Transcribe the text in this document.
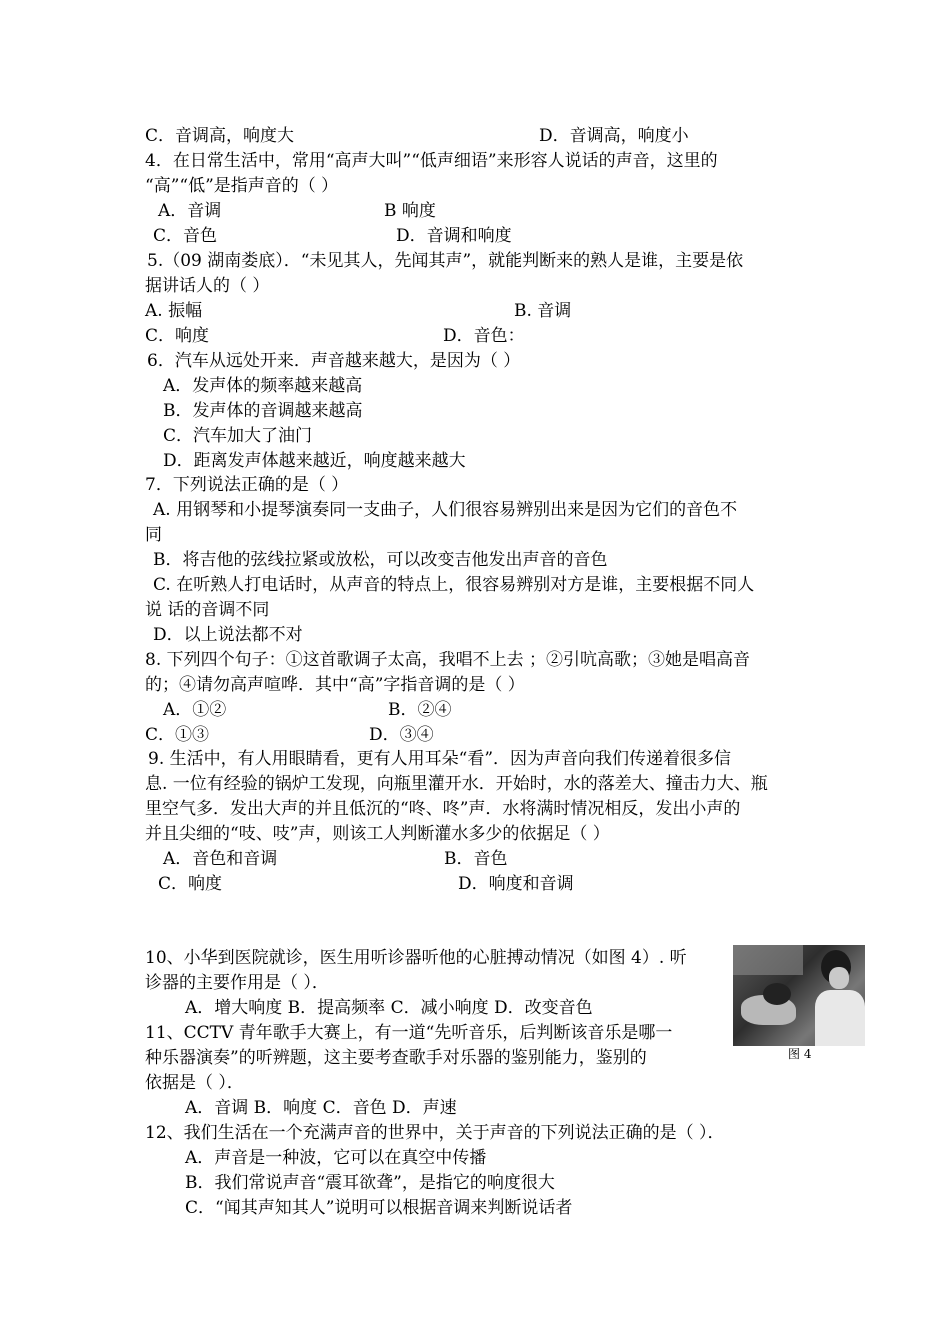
C．音调高，响度大	D．音调高，响度小
4．在日常生活中，常用“高声大叫”“低声细语”来形容人说话的声音，这里的
“高”“低”是指声音的（ ）
A．音调	B 响度
C．音色	D．音调和响度
5.（09 湖南娄底）．“未见其人，先闻其声”，就能判断来的熟人是谁，主要是依
据讲话人的（ ）
A. 振幅	B. 音调
C．响度	D．音色：
6．汽车从远处开来．声音越来越大，是因为（ ）
A．发声体的频率越来越高
B．发声体的音调越来越高
C．汽车加大了油门
D．距离发声体越来越近，响度越来越大
7．下列说法正确的是（ ）
A. 用钢琴和小提琴演奏同一支曲子，人们很容易辨别出来是因为它们的音色不
同
B．将吉他的弦线拉紧或放松，可以改变吉他发出声音的音色
C. 在听熟人打电话时，从声音的特点上，很容易辨别对方是谁，主要根据不同人
说 话的音调不同
D．以上说法都不对
8. 下列四个句子：①这首歌调子太高，我唱不上去 ；②引吭高歌；③她是唱高音
的；④请勿高声喧哗．其中“高”字指音调的是（ ）
A．①②	B．②④
C．①③	D．③④
9. 生活中，有人用眼睛看，更有人用耳朵“看”．因为声音向我们传递着很多信
息. 一位有经验的锅炉工发现，向瓶里灌开水．开始时，水的落差大、撞击力大、瓶
里空气多．发出大声的并且低沉的“咚、咚”声．水将满时情况相反，发出小声的
并且尖细的“吱、吱”声，则该工人判断灌水多少的依据足（ ）
A．音色和音调	B．音色
C．响度	D．响度和音调
10、小华到医院就诊，医生用听诊器听他的心脏搏动情况（如图 4）. 听
诊器的主要作用是（ ）．
A．增大响度 B．提高频率 C．减小响度 D．改变音色
11、CCTV 青年歌手大赛上，有一道“先听音乐，后判断该音乐是哪一
种乐器演奏”的听辨题，这主要考查歌手对乐器的鉴别能力，鉴别的
依据是（ ）．
A．音调 B．响度 C．音色 D．声速
12、我们生活在一个充满声音的世界中，关于声音的下列说法正确的是（ ）．
A．声音是一种波，它可以在真空中传播
B．我们常说声音“震耳欲聋”，是指它的响度很大
C．“闻其声知其人”说明可以根据音调来判断说话者
图 4
